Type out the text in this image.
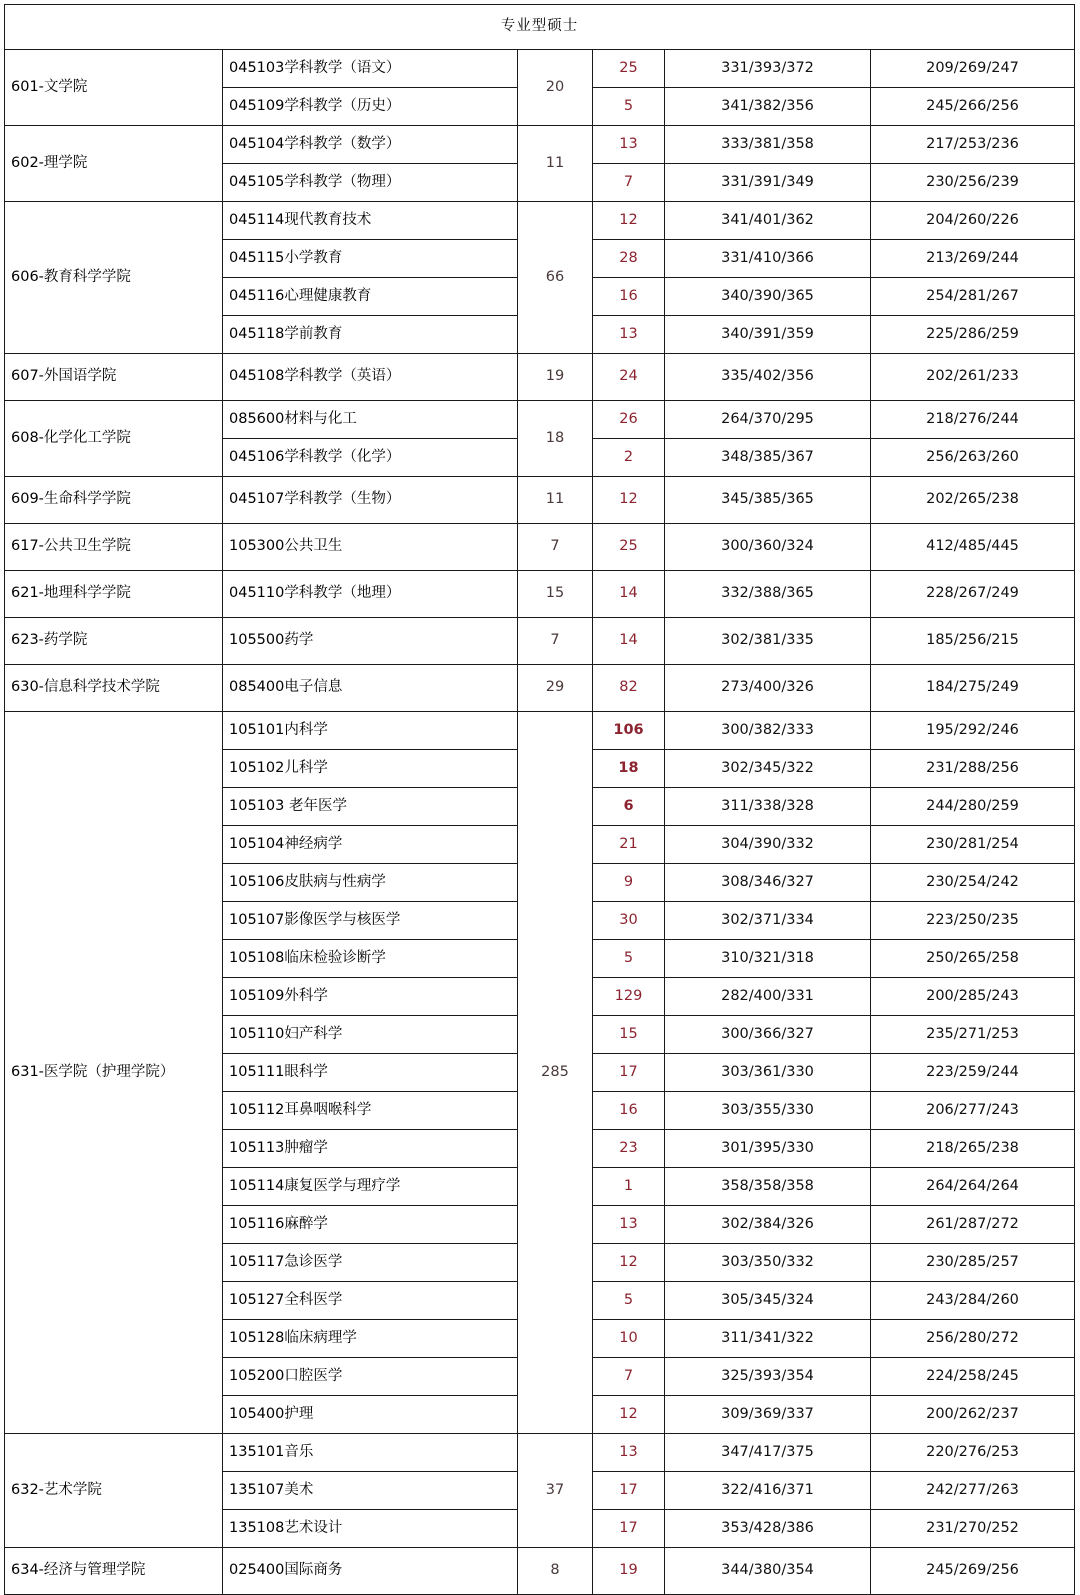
专业型硕士					
601-文学院	045103学科教学（语文）	20	25	331/393/372	209/269/247
	045109学科教学（历史）		5	341/382/356	245/266/256
602-理学院	045104学科教学（数学）	11	13	333/381/358	217/253/236
	045105学科教学（物理）		7	331/391/349	230/256/239
606-教育科学学院	045114现代教育技术	66	12	341/401/362	204/260/226
	045115小学教育		28	331/410/366	213/269/244
	045116心理健康教育		16	340/390/365	254/281/267
	045118学前教育		13	340/391/359	225/286/259
607-外国语学院	045108学科教学（英语）	19	24	335/402/356	202/261/233
608-化学化工学院	085600材料与化工	18	26	264/370/295	218/276/244
	045106学科教学（化学）		2	348/385/367	256/263/260
609-生命科学学院	045107学科教学（生物）	11	12	345/385/365	202/265/238
617-公共卫生学院	105300公共卫生	7	25	300/360/324	412/485/445
621-地理科学学院	045110学科教学（地理）	15	14	332/388/365	228/267/249
623-药学院	105500药学	7	14	302/381/335	185/256/215
630-信息科学技术学院	085400电子信息	29	82	273/400/326	184/275/249
631-医学院（护理学院）	105101内科学	285	106	300/382/333	195/292/246
	105102儿科学		18	302/345/322	231/288/256
	105103 老年医学		6	311/338/328	244/280/259
	105104神经病学		21	304/390/332	230/281/254
	105106皮肤病与性病学		9	308/346/327	230/254/242
	105107影像医学与核医学		30	302/371/334	223/250/235
	105108临床检验诊断学		5	310/321/318	250/265/258
	105109外科学		129	282/400/331	200/285/243
	105110妇产科学		15	300/366/327	235/271/253
	105111眼科学		17	303/361/330	223/259/244
	105112耳鼻咽喉科学		16	303/355/330	206/277/243
	105113肿瘤学		23	301/395/330	218/265/238
	105114康复医学与理疗学		1	358/358/358	264/264/264
	105116麻醉学		13	302/384/326	261/287/272
	105117急诊医学		12	303/350/332	230/285/257
	105127全科医学		5	305/345/324	243/284/260
	105128临床病理学		10	311/341/322	256/280/272
	105200口腔医学		7	325/393/354	224/258/245
	105400护理		12	309/369/337	200/262/237
632-艺术学院	135101音乐	37	13	347/417/375	220/276/253
	135107美术		17	322/416/371	242/277/263
	135108艺术设计		17	353/428/386	231/270/252
634-经济与管理学院	025400国际商务	8	19	344/380/354	245/269/256
